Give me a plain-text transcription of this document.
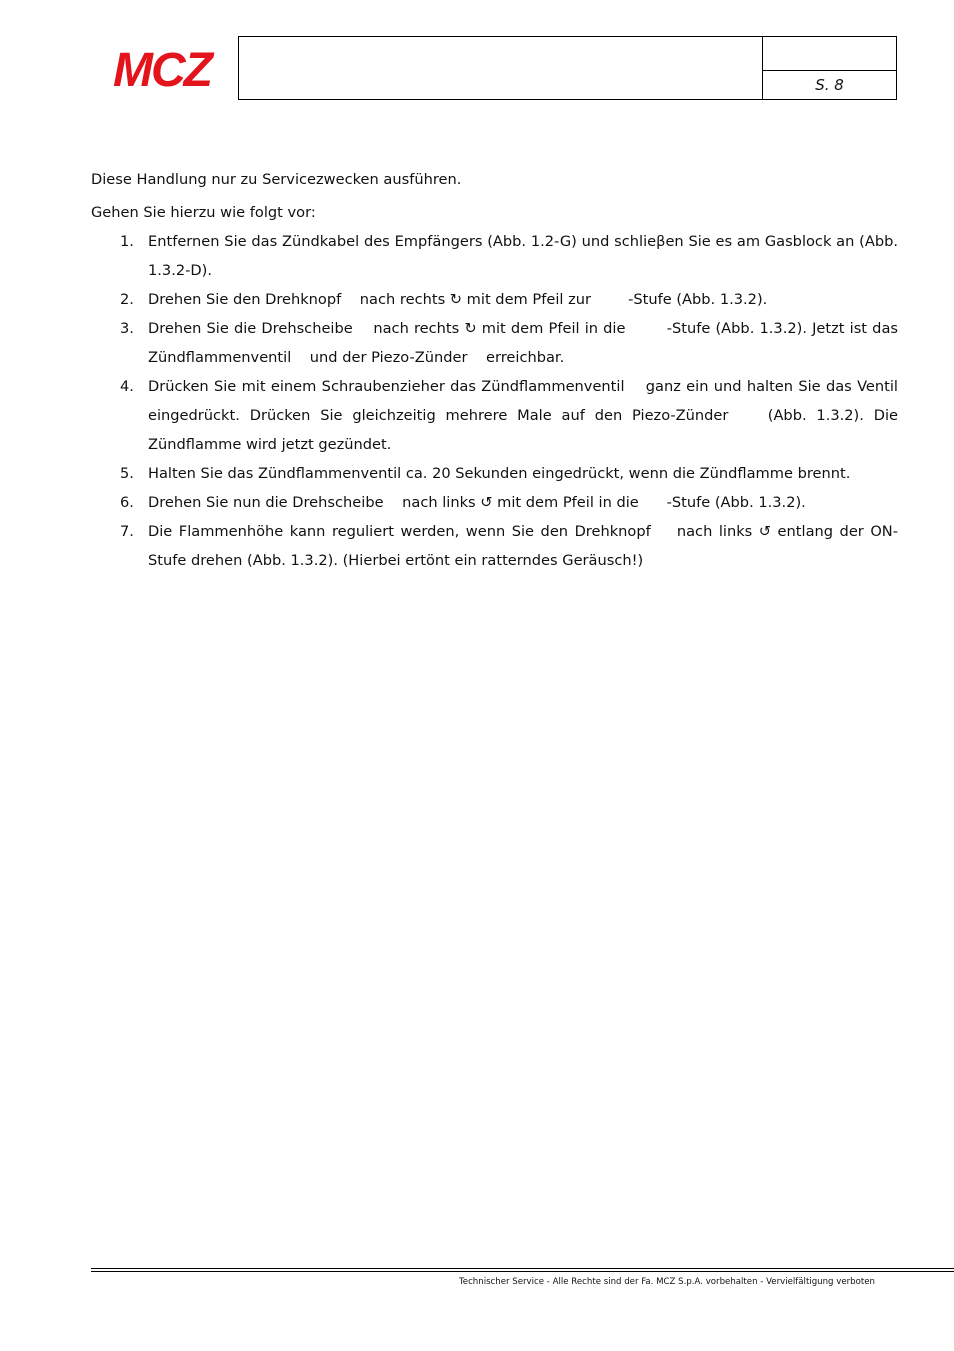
MCZ	S. 8
Diese Handlung nur zu Servicezwecken ausführen.
Gehen Sie hierzu wie folgt vor:
1. Entfernen Sie das Zündkabel des Empfängers (Abb. 1.2-G) und schlieβen Sie es am Gasblock an (Abb. 1.3.2-D).
2. Drehen Sie den Drehknopf    nach rechts ↻ mit dem Pfeil zur        -Stufe (Abb. 1.3.2).
3. Drehen Sie die Drehscheibe    nach rechts ↻ mit dem Pfeil in die        -Stufe (Abb. 1.3.2). Jetzt ist das Zündflammenventil    und der Piezo-Zünder    erreichbar.
4. Drücken Sie mit einem Schraubenzieher das Zündflammenventil    ganz ein und halten Sie das Ventil eingedrückt. Drücken Sie gleichzeitig mehrere Male auf den Piezo-Zünder    (Abb. 1.3.2). Die Zündflamme wird jetzt gezündet.
5. Halten Sie das Zündflammenventil ca. 20 Sekunden eingedrückt, wenn die Zündflamme brennt.
6. Drehen Sie nun die Drehscheibe    nach links ↺ mit dem Pfeil in die      -Stufe (Abb. 1.3.2).
7. Die Flammenhöhe kann reguliert werden, wenn Sie den Drehknopf    nach links ↺ entlang der ON-Stufe drehen (Abb. 1.3.2). (Hierbei ertönt ein ratterndes Geräusch!)
Technischer Service - Alle Rechte sind der Fa. MCZ S.p.A. vorbehalten - Vervielfältigung verboten
